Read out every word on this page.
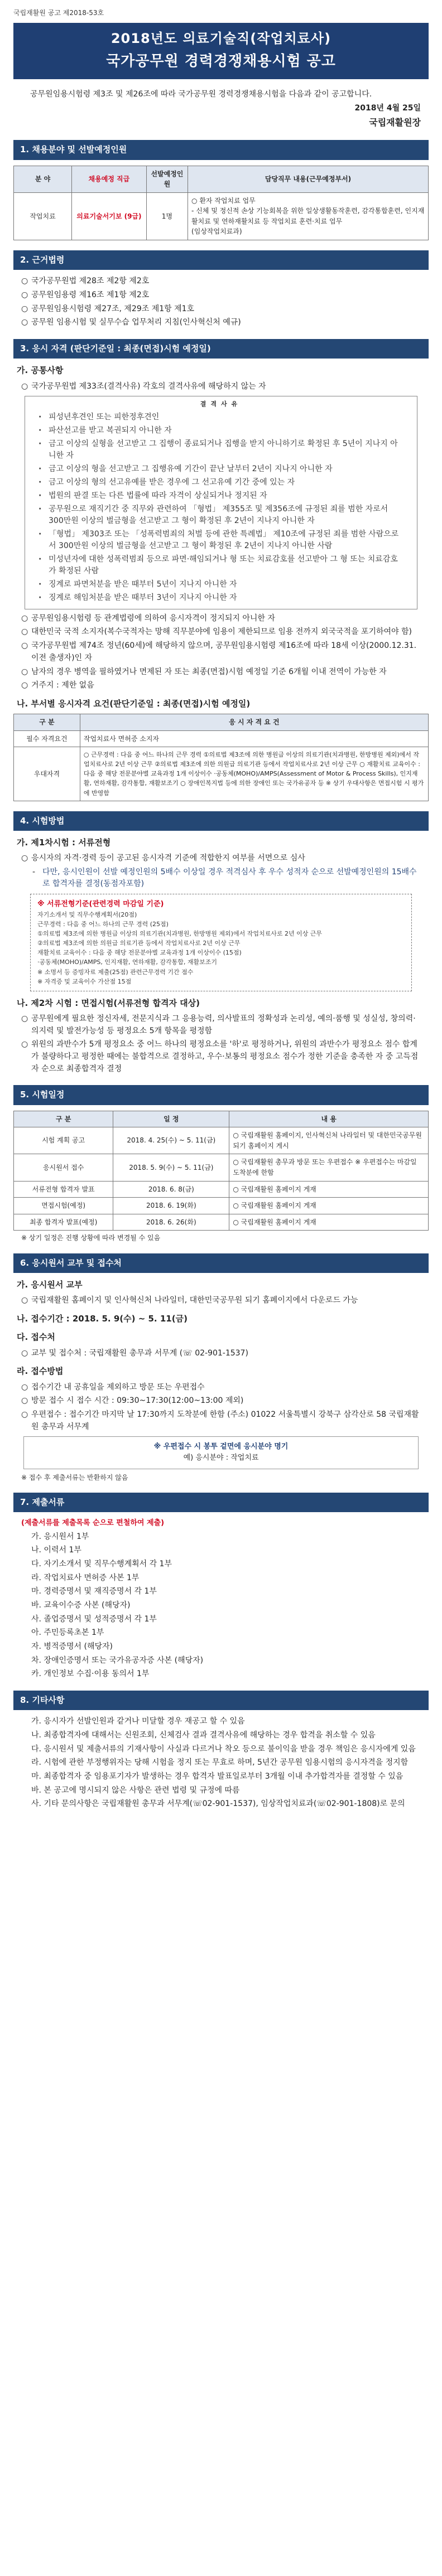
국립재활원 공고 제2018-53호
2018년도 의료기술직(작업치료사)
국가공무원 경력경쟁채용시험 공고

공무원임용시험령 제3조 및 제26조에 따라 국가공무원 경력경쟁채용시험을 다음과 같이 공고합니다.

2018년 4월 25일

국립재활원장

1. 채용분야 및 선발예정인원
분 야	채용예정 직급	선발예정인원	담당직무 내용(근무예정부서)
작업치료	의료기술서기보 (9급)	1명	○ 환자 작업치료 업무
- 신체 및 정신적 손상 기능회복을 위한 일상생활동작훈련, 감각통합훈련, 인지재활치료 및 연하재활치료 등 작업치료 훈련·치료 업무
(임상작업치료과)
2. 근거법령
○ 국가공무원법 제28조 제2항 제2호
○ 공무원임용령 제16조 제1항 제2호
○ 공무원임용시험령 제27조, 제29조 제1항 제1호
○ 공무원 임용시험 및 실무수습 업무처리 지침(인사혁신처 예규)
3. 응시 자격 (판단기준일 : 최종(면접)시험 예정일)
가. 공통사항
○ 국가공무원법 제33조(결격사유) 각호의 결격사유에 해당하지 않는 자
결격사유
· 피성년후견인 또는 피한정후견인
· 파산선고를 받고 복권되지 아니한 자
· 금고 이상의 실형을 선고받고 그 집행이 종료되거나 집행을 받지 아니하기로 확정된 후 5년이 지나지 아니한 자
· 금고 이상의 형을 선고받고 그 집행유예 기간이 끝난 날부터 2년이 지나지 아니한 자
· 금고 이상의 형의 선고유예를 받은 경우에 그 선고유예 기간 중에 있는 자
· 법원의 판결 또는 다른 법률에 따라 자격이 상실되거나 정지된 자
· 공무원으로 재직기간 중 직무와 관련하여 「형법」 제355조 및 제356조에 규정된 죄를 범한 자로서 300만원 이상의 벌금형을 선고받고 그 형이 확정된 후 2년이 지나지 아니한 자
· 「형법」 제303조 또는 「성폭력범죄의 처벌 등에 관한 특례법」 제10조에 규정된 죄를 범한 사람으로서 300만원 이상의 벌금형을 선고받고 그 형이 확정된 후 2년이 지나지 아니한 사람
· 미성년자에 대한 성폭력범죄 등으로 파면·해임되거나 형 또는 치료감호를 선고받아 그 형 또는 치료감호가 확정된 사람
· 징계로 파면처분을 받은 때부터 5년이 지나지 아니한 자
· 징계로 해임처분을 받은 때부터 3년이 지나지 아니한 자
○ 공무원임용시험령 등 관계법령에 의하여 응시자격이 정지되지 아니한 자
○ 대한민국 국적 소지자(복수국적자는 망해 직무분야에 임용이 제한되므로 임용 전까지 외국국적을 포기하여야 함)
○ 국가공무원법 제74조 정년(60세)에 해당하지 않으며, 공무원임용시험령 제16조에 따라 18세 이상(2000.12.31. 이전 출생자)인 자
○ 남자의 경우 병역을 필하였거나 면제된 자 또는 최종(면접)시험 예정일 기준 6개월 이내 전역이 가능한 자
○ 거주지 : 제한 없음
나. 부서별 응시자격 요건(판단기준일 : 최종(면접)시험 예정일)
구 분	응 시 자 격 요 건
필수 자격요건	작업치료사 면허증 소지자
우대자격	○ 근무경력 : 다음 중 어느 하나의 근무 경력 ①의료법 제3조에 의한 병원급 이상의 의료기관(치과병원, 한방병원 제외)에서 작업치료사로 2년 이상 근무 ②의료법 제3조에 의한 의원급 의료기관 등에서 작업치료사로 2년 이상 근무 ○ 재활치료 교육이수 : 다음 중 해당 전문분야별 교육과정 1개 이상이수 ·공동체(MOHO)/AMPS(Assessment of Motor & Process Skills), 인지재활, 연하재활, 감각통합, 재활보조기 ○ 장애인복지법 등에 의한 장애인 또는 국가유공자 등 ※ 상기 우대사항은 면접시험 시 평가에 반영함
4. 시험방법
가. 제1차시험 : 서류전형
○ 응시자의 자격·경력 등이 공고된 응시자격 기준에 적합한지 여부를 서면으로 심사
- 다만, 응시인원이 선발 예정인원의 5배수 이상일 경우 적격심사 후 우수 성적자 순으로 선발예정인원의 15배수로 합격자를 결정(동점자포함)
※ 서류전형기준(관련경력 마감일 기준)
자기소개서 및 직무수행계획서(20점)
근무경력 : 다음 중 어느 하나의 근무 경력 (25점)
①의료법 제3조에 의한 병원급 이상의 의료기관(치과병원, 한방병원 제외)에서 작업치료사로 2년 이상 근무
②의료법 제3조에 의한 의원급 의료기관 등에서 작업치료사로 2년 이상 근무
재활치료 교육이수 : 다음 중 해당 전문분야별 교육과정 1개 이상이수 (15점)
·공동체(MOHO)/AMPS, 인지재활, 연하재활, 감각통합, 재활보조기
※ 소명서 등 증빙자료 제출(25점) 관련근무경력 기간 점수
※ 자격증 및 교육이수 가산점 15점
나. 제2차 시험 : 면접시험(서류전형 합격자 대상)
○ 공무원에게 필요한 정신자세, 전문지식과 그 응용능력, 의사발표의 정확성과 논리성, 예의·품행 및 성실성, 창의력·의지력 및 발전가능성 등 평정요소 5개 항목을 평정함
○ 위원의 과반수가 5개 평정요소 중 어느 하나의 평정요소를 '하'로 평정하거나, 위원의 과반수가 평정요소 점수 합계가 불량하다고 평정한 때에는 불합격으로 결정하고, 우수·보통의 평정요소 점수가 정한 기준을 충족한 자 중 고득점자 순으로 최종합격자 결정
5. 시험일정
구 분	일 정	내 용
시험 계획 공고	2018. 4. 25(수) ~ 5. 11(금)	○ 국립재활원 홈페이지, 인사혁신처 나라일터 및 대한민국공무원되기 홈페이지 게시
응시원서 접수	2018. 5. 9(수) ~ 5. 11(금)	○ 국립재활원 총무과 방문 또는 우편접수 ※ 우편접수는 마감일 도착분에 한함
서류전형 합격자 발표	2018. 6. 8(금)	○ 국립재활원 홈페이지 게재
면접시험(예정)	2018. 6. 19(화)	○ 국립재활원 홈페이지 게재
최종 합격자 발표(예정)	2018. 6. 26(화)	○ 국립재활원 홈페이지 게재

※ 상기 일정은 진행 상황에 따라 변경될 수 있음

6. 응시원서 교부 및 접수처
가. 응시원서 교부
○ 국립재활원 홈페이지 및 인사혁신처 나라일터, 대한민국공무원 되기 홈페이지에서 다운로드 가능
나. 접수기간 : 2018. 5. 9(수) ~ 5. 11(금)
다. 접수처
○ 교부 및 접수처 : 국립재활원 총무과 서무계 (☏ 02-901-1537)
라. 접수방법
○ 접수기간 내 공휴일을 제외하고 방문 또는 우편접수
○ 방문 접수 시 접수 시간 : 09:30~17:30(12:00~13:00 제외)
○ 우편접수 : 접수기간 마지막 날 17:30까지 도착분에 한함 (주소) 01022 서울특별시 강북구 삼각산로 58 국립재활원 총무과 서무계
※ 우편접수 시 봉투 겉면에 응시분야 명기
예) 응시분야 : 작업치료

※ 접수 후 제출서류는 반환하지 않음

7. 제출서류

(제출서류를 제출목록 순으로 편철하여 제출)

가. 응시원서 1부
나. 이력서 1부
다. 자기소개서 및 직무수행계획서 각 1부
라. 작업치료사 면허증 사본 1부
마. 경력증명서 및 재직증명서 각 1부
바. 교육이수증 사본 (해당자)
사. 졸업증명서 및 성적증명서 각 1부
아. 주민등록초본 1부
자. 병적증명서 (해당자)
차. 장애인증명서 또는 국가유공자증 사본 (해당자)
카. 개인정보 수집·이용 동의서 1부
8. 기타사항
가. 응시자가 선발인원과 같거나 미달할 경우 재공고 할 수 있음
나. 최종합격자에 대해서는 신원조회, 신체검사 결과 결격사유에 해당하는 경우 합격을 취소할 수 있음
다. 응시원서 및 제출서류의 기재사항이 사실과 다르거나 착오 등으로 불이익을 받을 경우 책임은 응시자에게 있음
라. 시험에 관한 부정행위자는 당해 시험을 정지 또는 무효로 하며, 5년간 공무원 임용시험의 응시자격을 정지함
마. 최종합격자 중 임용포기자가 발생하는 경우 합격자 발표일로부터 3개월 이내 추가합격자를 결정할 수 있음
바. 본 공고에 명시되지 않은 사항은 관련 법령 및 규정에 따름
사. 기타 문의사항은 국립재활원 총무과 서무계(☏02-901-1537), 임상작업치료과(☏02-901-1808)로 문의
